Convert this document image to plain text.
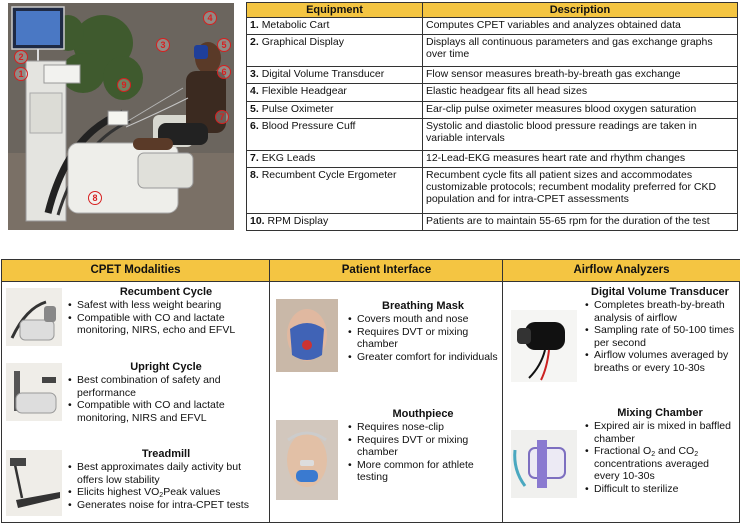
1
2
3
4
5
6
7
8
9
Equipment	Description
1. Metabolic Cart	Computes CPET variables and analyzes obtained data
2. Graphical Display	Displays all continuous parameters and gas exchange graphs over time
3. Digital Volume Transducer	Flow sensor measures breath-by-breath gas exchange
4. Flexible Headgear	Elastic headgear fits all head sizes
5. Pulse Oximeter	Ear-clip pulse oximeter measures blood oxygen saturation
6. Blood Pressure Cuff	Systolic and diastolic blood pressure readings are taken in variable intervals
7. EKG Leads	12-Lead-EKG measures heart rate and rhythm changes
8. Recumbent Cycle Ergometer	Recumbent cycle fits all patient sizes and accommodates customizable protocols; recumbent modality preferred for CKD population and for intra-CPET assessments
10. RPM Display	Patients are to maintain 55-65 rpm for the duration of the test
CPET Modalities
Recumbent Cycle
• Safest with less weight bearing
• Compatible with CO and lactate monitoring, NIRS, echo and EFVL
Upright Cycle
• Best combination of safety and performance
• Compatible with CO and lactate monitoring, NIRS and EFVL
Treadmill
• Best approximates daily activity but offers low stability
• Elicits highest $VO_2Peak$ values
• Generates noise for intra-CPET tests
Patient Interface
Breathing Mask
• Covers mouth and nose
• Requires DVT or mixing chamber
• Greater comfort for individuals
Mouthpiece
• Requires nose-clip
• Requires DVT or mixing chamber
• More common for athlete testing
Airflow Analyzers
Digital Volume Transducer
• Completes breath-by-breath analysis of airflow
• Sampling rate of 50-100 times per second
• Airflow volumes averaged by breaths or every 10-30s
Mixing Chamber
• Expired air is mixed in baffled chamber
• Fractional $O_2$ and $CO_2$ concentrations averaged every 10-30s
• Difficult to sterilize
